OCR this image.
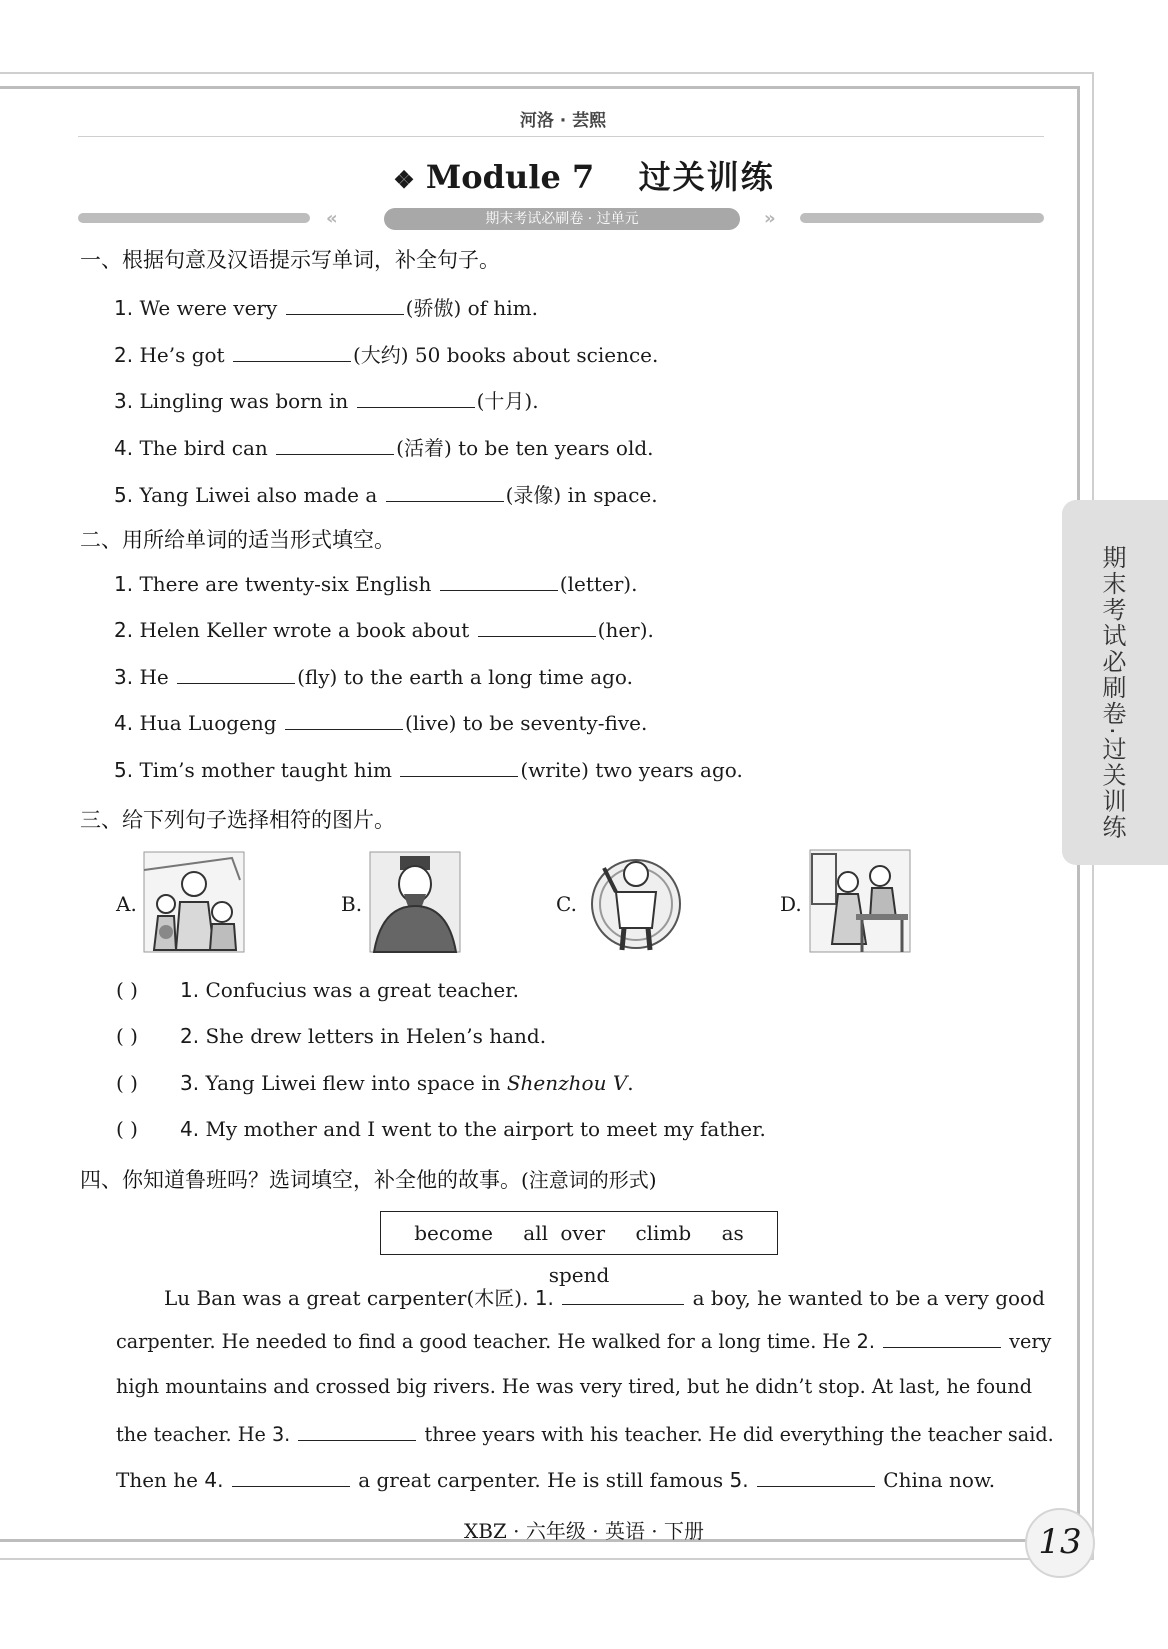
河洛 · 芸熙
❖ Module 7 过关训练
«	期末考试必刷卷 · 过单元	»
一、根据句意及汉语提示写单词，补全句子。
1. We were very	(骄傲) of him.
2. He’s got	(大约) 50 books about science.
3. Lingling was born in	(十月).
4. The bird can	(活着) to be ten years old.
5. Yang Liwei also made a	(录像) in space.
二、用所给单词的适当形式填空。
1. There are twenty-six English	(letter).
2. Helen Keller wrote a book about	(her).
3. He	(fly) to the earth a long time ago.
4. Hua Luogeng	(live) to be seventy-five.
5. Tim’s mother taught him	(write) two years ago.
三、给下列句子选择相符的图片。
A.	B.	C.	D.
( ) 1. Confucius was a great teacher.
( ) 2. She drew letters in Helen’s hand.
( ) 3. Yang Liwei flew into space in Shenzhou V.
( ) 4. My mother and I went to the airport to meet my father.
四、你知道鲁班吗？选词填空，补全他的故事。(注意词的形式)
become all over climb as spend
Lu Ban was a great carpenter(木匠). 1.	a boy, he wanted to be a very good
carpenter. He needed to find a good teacher. He walked for a long time. He 2.	very
high mountains and crossed big rivers. He was very tired, but he didn’t stop. At last, he found
the teacher. He 3.	three years with his teacher. He did everything the teacher said.
Then he 4.	a great carpenter. He is still famous 5.	China now.
期末考试必刷卷·过关训练
XBZ · 六年级 · 英语 · 下册	13
